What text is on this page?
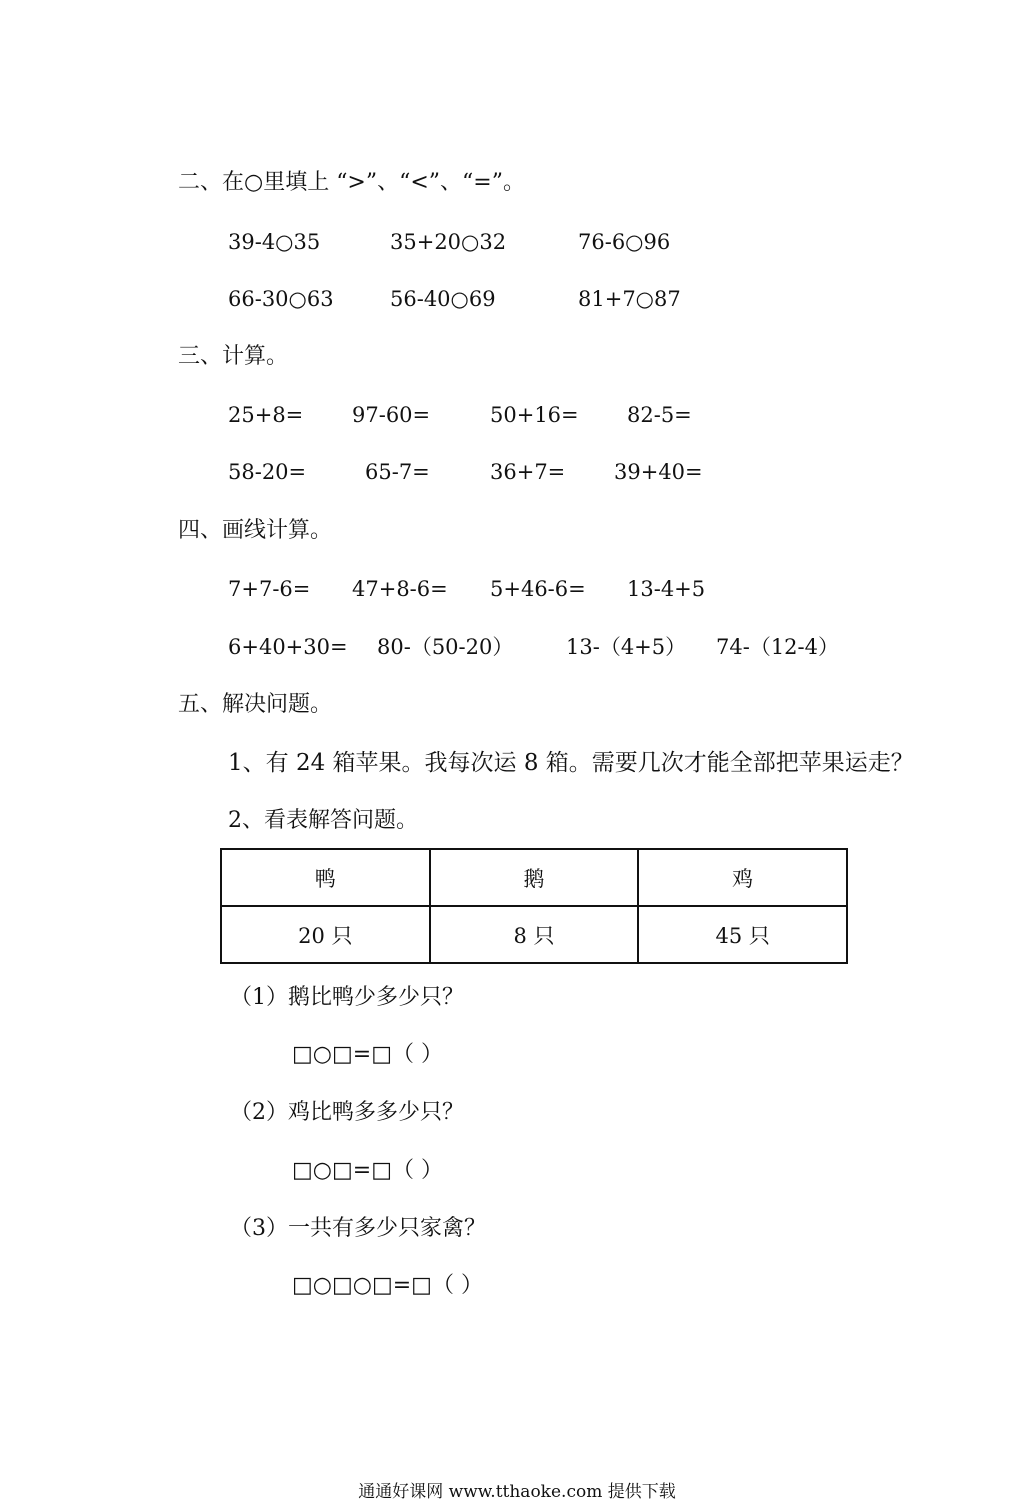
二、在○里填上 “>”、“<”、“=”。
39-4○35	35+20○32	76-6○96
66-30○63	56-40○69	81+7○87
三、计算。
25+8= 97-60=	50+16= 82-5=
58-20=	65-7=	36+7= 39+40=
四、画线计算。
7+7-6= 47+8-6= 5+46-6= 13-4+5
6+40+30= 80-（50-20）	13-（4+5） 74-（12-4）
五、解决问题。
1、有 24 箱苹果。我每次运 8 箱。需要几次才能全部把苹果运走？
2、看表解答问题。
鸭	鹅	鸡
20 只	8 只	45 只
（1）鹅比鸭少多少只？
□○□=□（ ）
（2）鸡比鸭多多少只？
□○□=□（ ）
（3）一共有多少只家禽？
□○□○□=□（ ）
通通好课网 www.tthaoke.com 提供下载
